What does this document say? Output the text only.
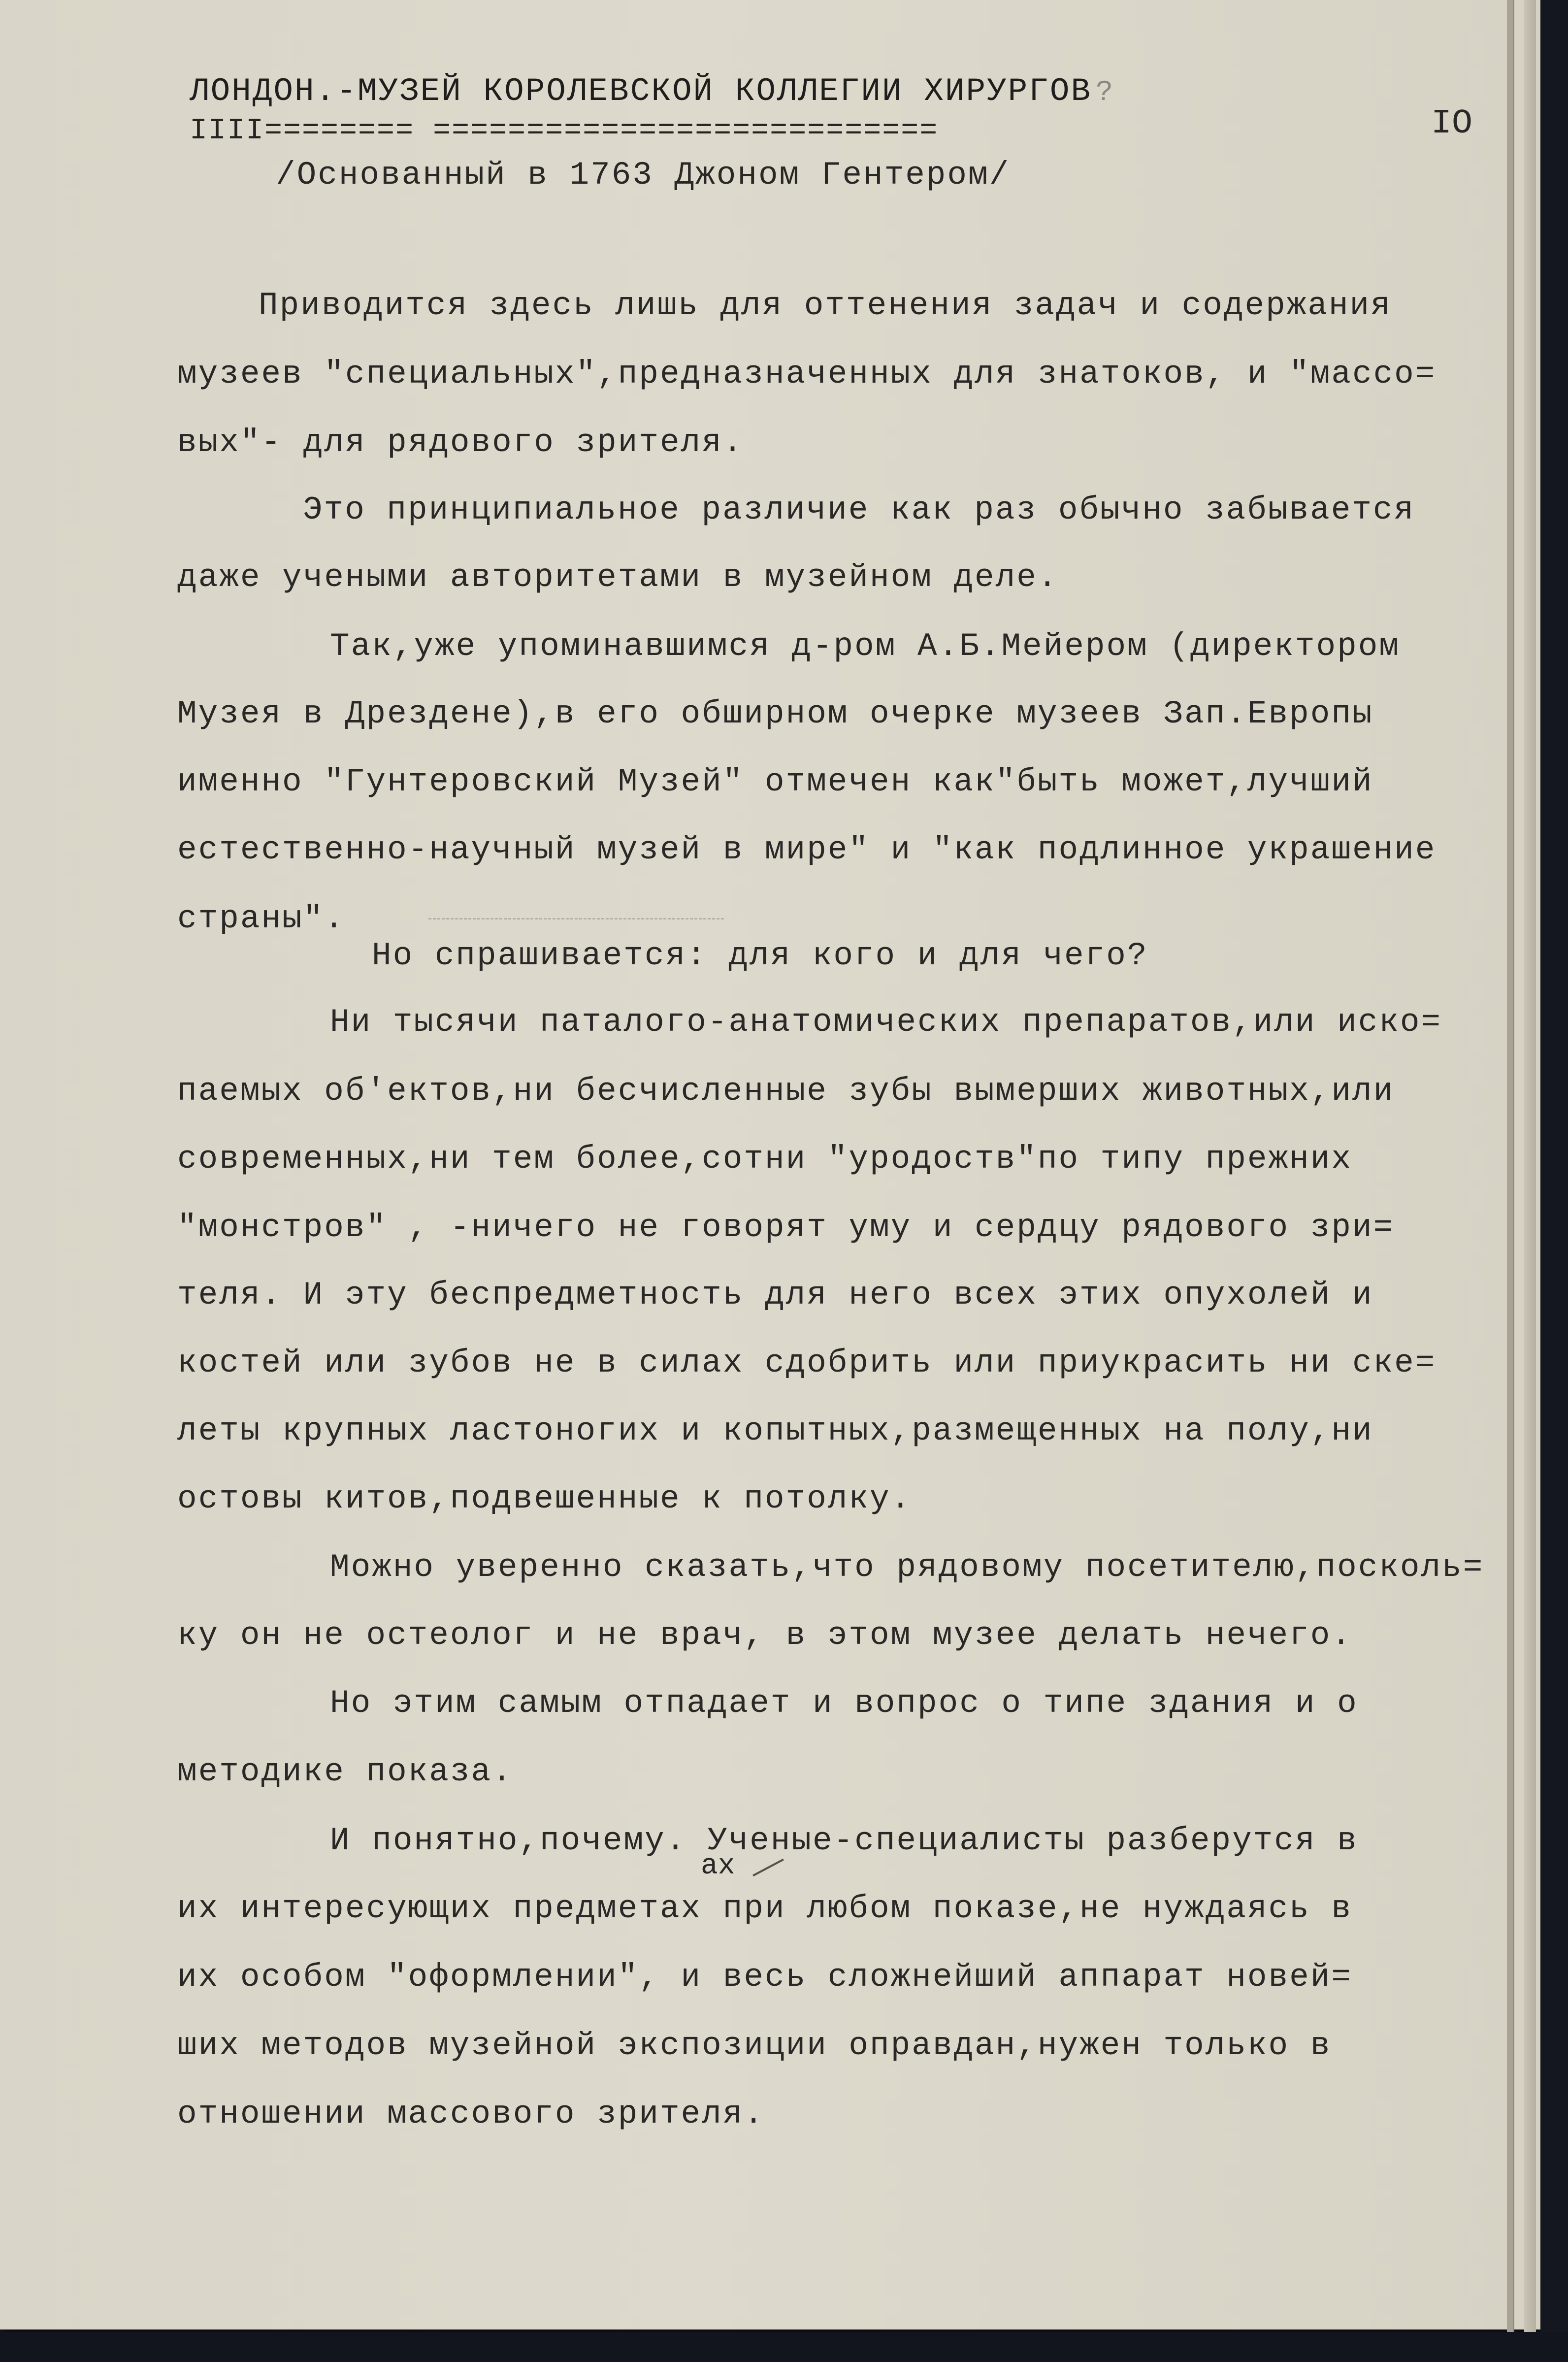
ЛОНДОН.-МУЗЕЙ КОРОЛЕВСКОЙ КОЛЛЕГИИ ХИРУРГОВ ?
IO
IIII======== ===========================
/Основанный в 1763 Джоном Гентером/
Приводится здесь лишь для оттенения задач и содержания
музеев "специальных",предназначенных для знатоков, и "массо=
вых"- для рядового зрителя.
Это принципиальное различие как раз обычно забывается
даже учеными авторитетами в музейном деле.
Так,уже упоминавшимся д-ром А.Б.Мейером (директором
Музея в Дрездене),в его обширном очерке музеев Зап.Европы
именно "Гунтеровский Музей" отмечен как"быть может,лучший
естественно-научный музей в мире" и "как подлинное украшение
страны".
Но спрашивается: для кого и для чего?
Ни тысячи паталого-анатомических препаратов,или иско=
паемых об'ектов,ни бесчисленные зубы вымерших животных,или
современных,ни тем более,сотни "уродоств"по типу прежних
"монстров" , -ничего не говорят уму и сердцу рядового зри=
теля. И эту беспредметность для него всех этих опухолей и
костей или зубов не в силах сдобрить или приукрасить ни ске=
леты крупных ластоногих и копытных,размещенных на полу,ни
остовы китов,подвешенные к потолку.
Можно уверенно сказать,что рядовому посетителю,посколь=
ку он не остеолог и не врач, в этом музее делать нечего.
Но этим самым отпадает и вопрос о типе здания и о
методике показа.
И понятно,почему. Ученые-специалисты разберутся в
их интересующих предметах при любом показе,не нуждаясь в
их особом "оформлении", и весь сложнейший аппарат новей=
ших методов музейной экспозиции оправдан,нужен только в
отношении массового зрителя.
ах
